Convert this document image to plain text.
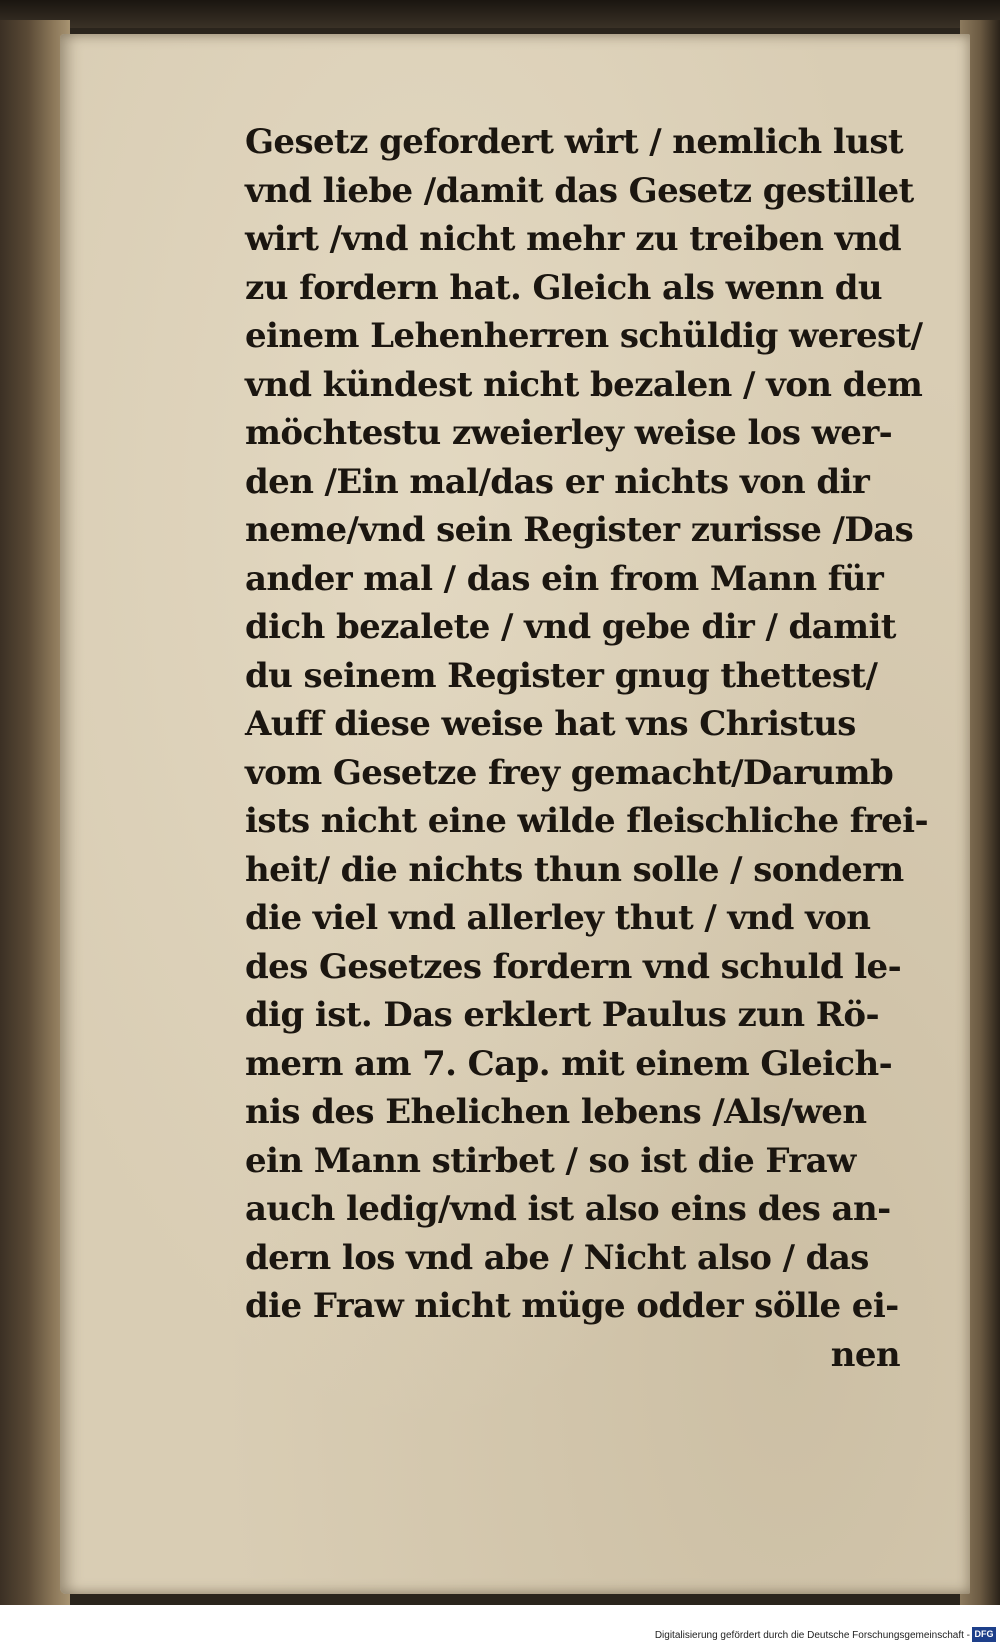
Gesetz gefordert wirt / nemlich lust
vnd liebe /damit das Gesetz gestillet
wirt /vnd nicht mehr zu treiben vnd
zu fordern hat. Gleich als wenn du
einem Lehenherren schüldig werest/
vnd kündest nicht bezalen / von dem
möchtestu zweierley weise los wer-
den /Ein mal/das er nichts von dir
neme/vnd sein Register zurisse /Das
ander mal / das ein from Mann für
dich bezalete / vnd gebe dir / damit
du seinem Register gnug thettest/
Auff diese weise hat vns Christus
vom Gesetze frey gemacht/Darumb
ists nicht eine wilde fleischliche frei-
heit/ die nichts thun solle / sondern
die viel vnd allerley thut / vnd von
des Gesetzes fordern vnd schuld le-
dig ist. Das erklert Paulus zun Rö-
mern am 7. Cap. mit einem Gleich-
nis des Ehelichen lebens /Als/wen
ein Mann stirbet / so ist die Fraw
auch ledig/vnd ist also eins des an-
dern los vnd abe / Nicht also / das
die Fraw nicht müge odder sölle ei-
nen
Digitalisierung gefördert durch die Deutsche Forschungsgemeinschaft - DFG
